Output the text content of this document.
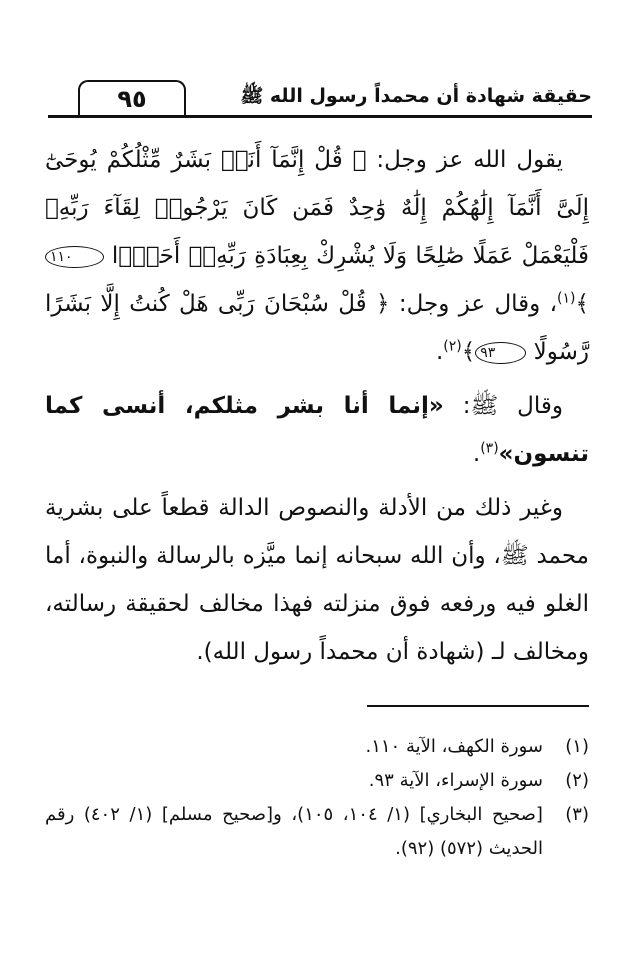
٩٥	حقيقة شهادة أن محمداً رسول الله ﷺ

يقول الله عز وجل: ﴿ قُلْ إِنَّمَآ أَنَا۠ بَشَرٌ مِّثْلُكُمْ يُوحَىٰٓ إِلَىَّ أَنَّمَآ إِلَٰهُكُمْ إِلَٰهٌ وَٰحِدٌ فَمَن كَانَ يَرْجُوا۟ لِقَآءَ رَبِّهِۦ فَلْيَعْمَلْ عَمَلًا صَٰلِحًا وَلَا يُشْرِكْ بِعِبَادَةِ رَبِّهِۦٓ أَحَدًۢا ١١٠﴾$^{(١)}$، وقال عز وجل: ﴿ قُلْ سُبْحَانَ رَبِّى هَلْ كُنتُ إِلَّا بَشَرًا رَّسُولًا ٩٣﴾$^{(٢)}$.

وقال ﷺ: «إنما أنا بشر مثلكم، أنسى كما تنسون»$^{(٣)}$.

وغير ذلك من الأدلة والنصوص الدالة قطعاً على بشرية محمد ﷺ، وأن الله سبحانه إنما ميَّزه بالرسالة والنبوة، أما الغلو فيه ورفعه فوق منزلته فهذا مخالف لحقيقة رسالته، ومخالف لـ (شهادة أن محمداً رسول الله).

(١)
سورة الكهف، الآية ١١٠.
(٢)
سورة الإسراء، الآية ٩٣.
(٣)
[صحيح البخاري] (١/ ١٠٤، ١٠٥)، و[صحيح مسلم] (١/ ٤٠٢) رقم الحديث (٥٧٢) (٩٢).
